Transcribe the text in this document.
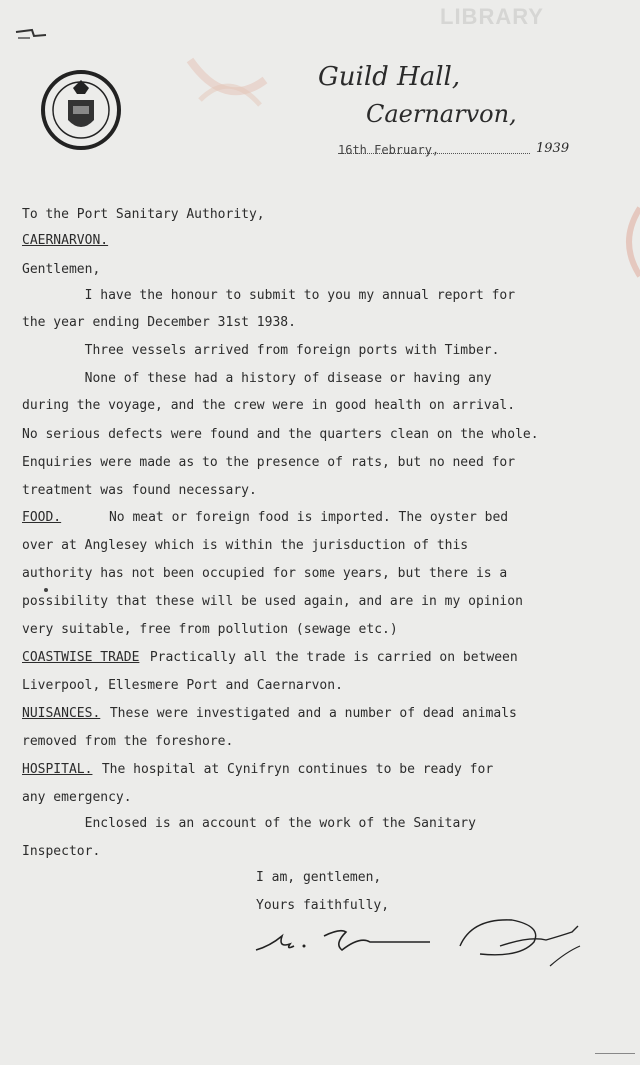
LIBRARY
Guild Hall,
Caernarvon,
16th February,	1939
To the Port Sanitary Authority,
CAERNARVON.
Gentlemen,
I have the honour to submit to you my annual report for
the year ending December 31st 1938.
Three vessels arrived from foreign ports with Timber.
None of these had a history of disease or having any
during the voyage, and the crew were in good health on arrival.
No serious defects were found and the quarters clean on the whole.
Enquiries were made as to the presence of rats, but no need for
treatment was found necessary.
FOOD. No meat or foreign food is imported. The oyster bed
over at Anglesey which is within the jurisduction of this
authority has not been occupied for some years, but there is a
possibility that these will be used again, and are in my opinion
very suitable, free from pollution (sewage etc.)
COASTWISE TRADE Practically all the trade is carried on between
Liverpool, Ellesmere Port and Caernarvon.
NUISANCES. These were investigated and a number of dead animals
removed from the foreshore.
HOSPITAL. The hospital at Cynifryn continues to be ready for
any emergency.
Enclosed is an account of the work of the Sanitary
Inspector.
I am, gentlemen,
Yours faithfully,
